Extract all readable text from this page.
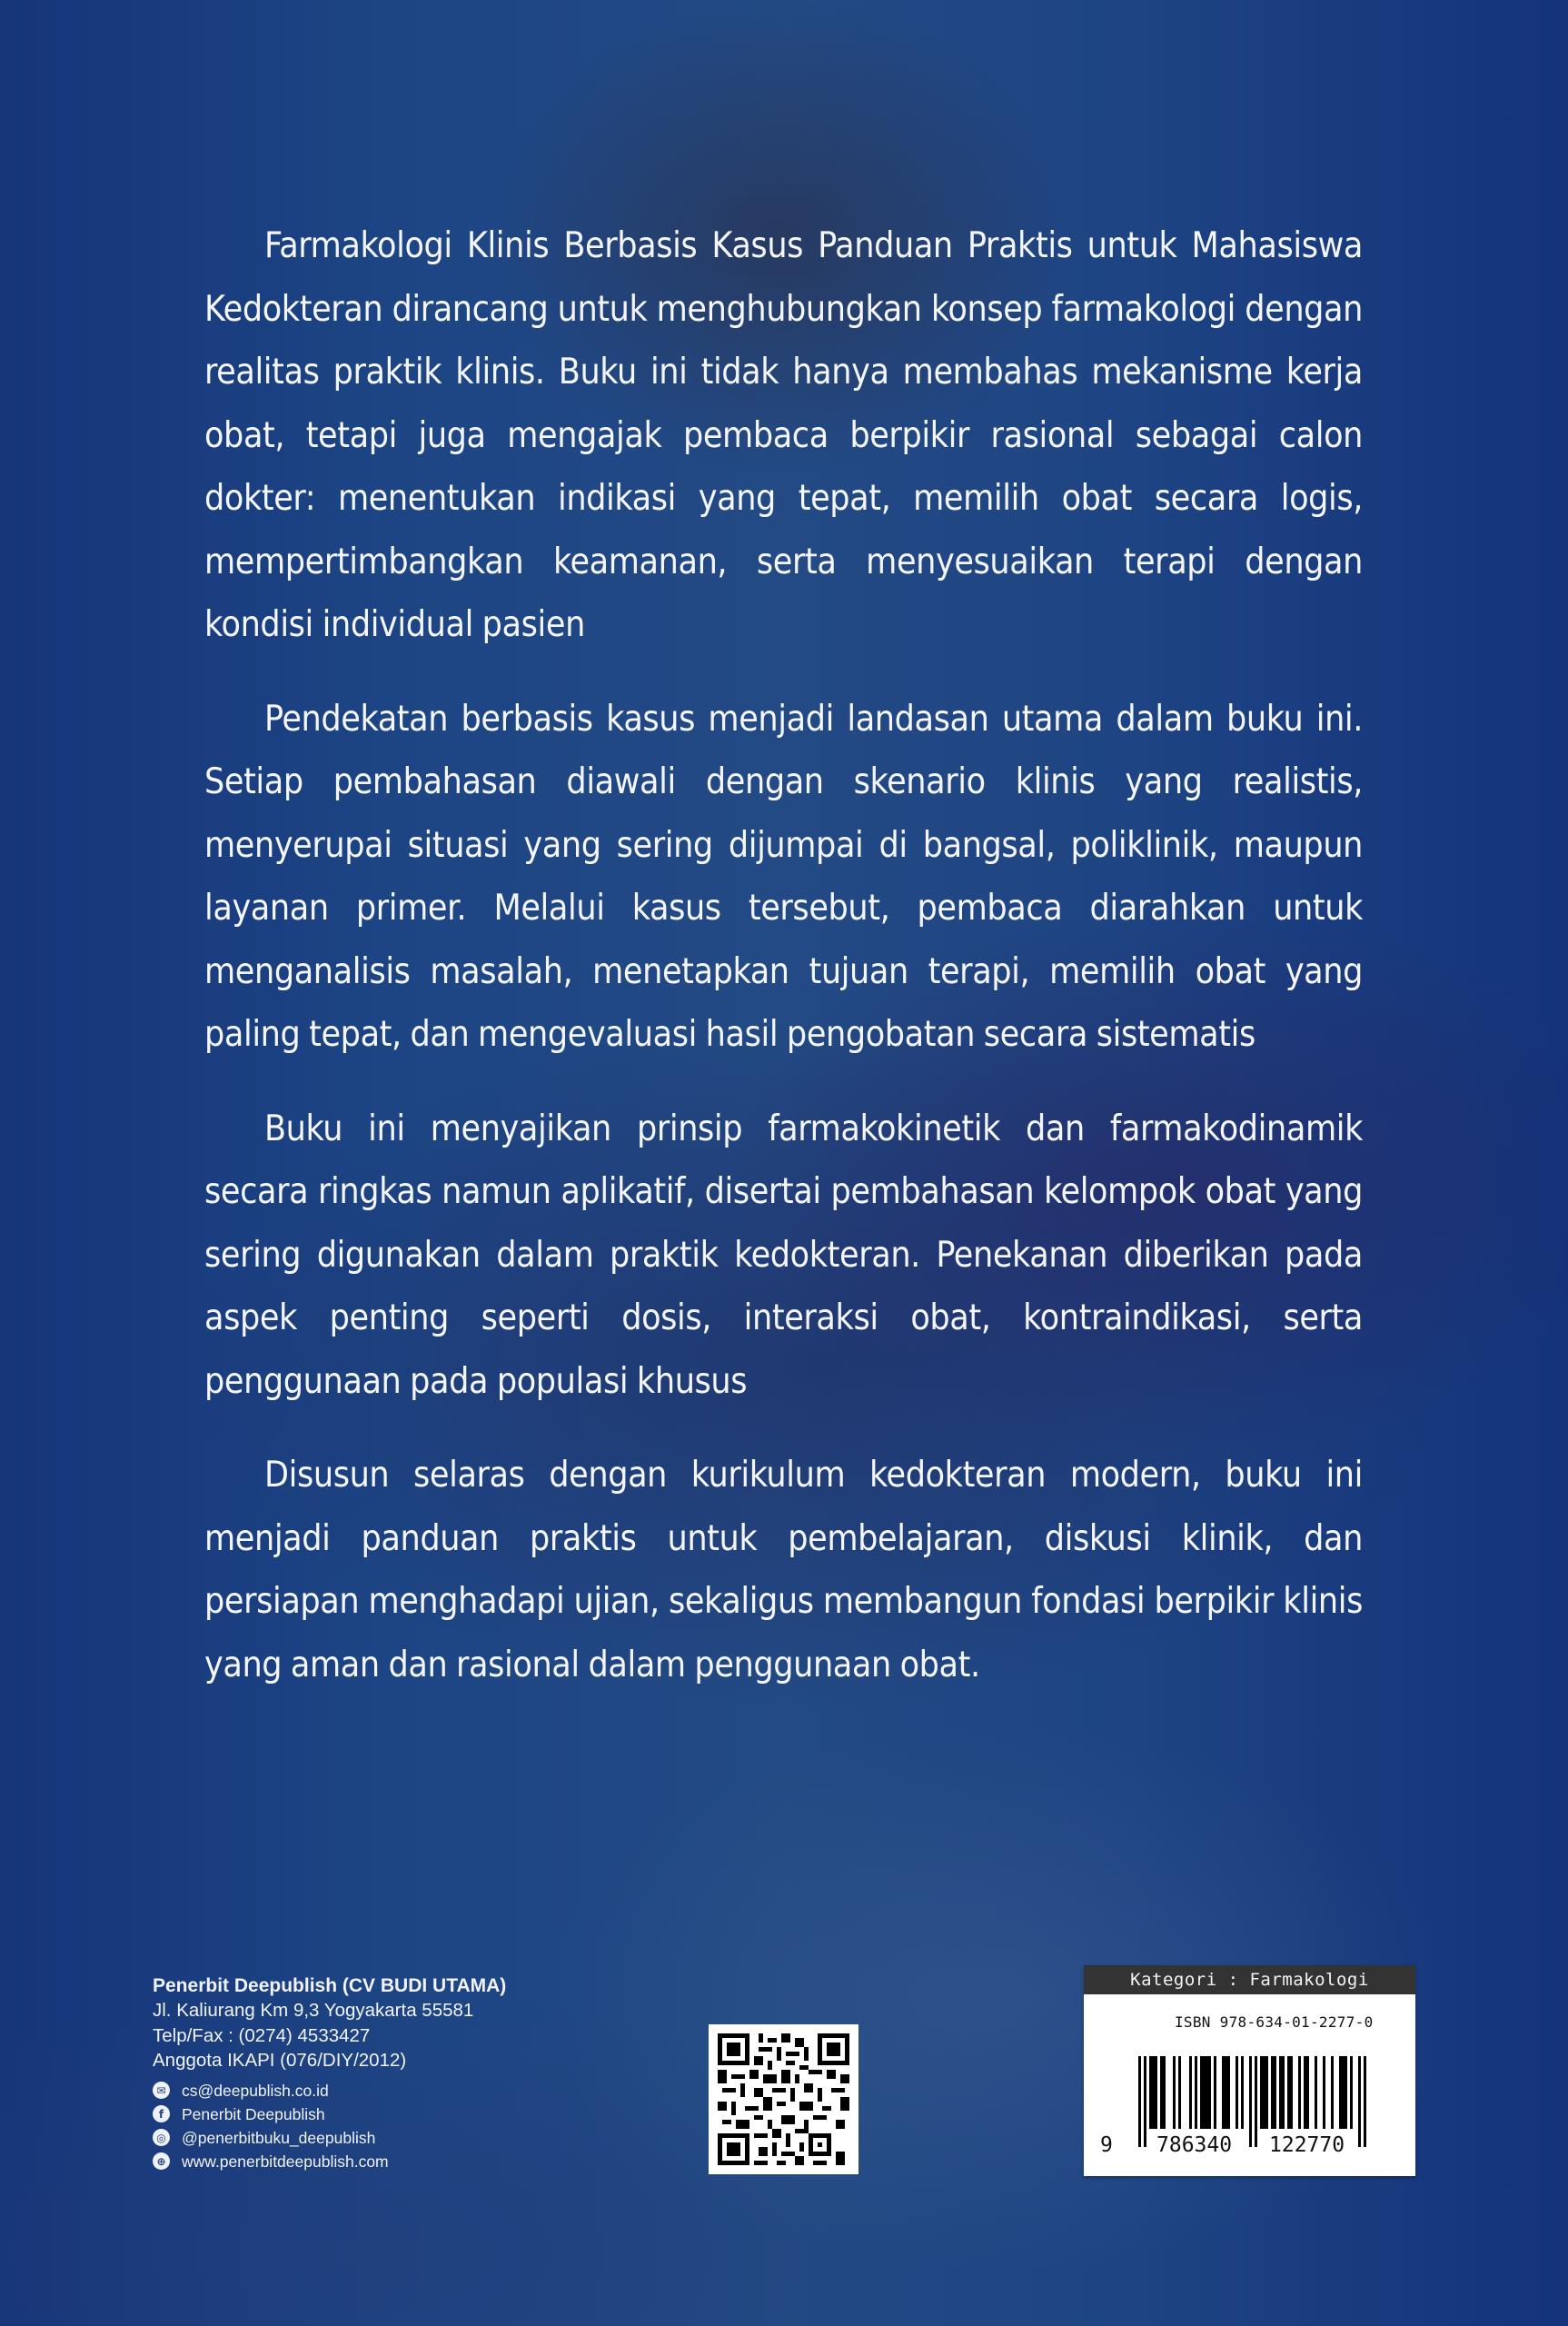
Farmakologi Klinis Berbasis Kasus Panduan Praktis untuk Mahasiswa Kedokteran dirancang untuk menghubungkan konsep farmakologi dengan realitas praktik klinis. Buku ini tidak hanya membahas mekanisme kerja obat, tetapi juga mengajak pembaca berpikir rasional sebagai calon dokter: menentukan indikasi yang tepat, memilih obat secara logis, mempertimbangkan keamanan, serta menyesuaikan terapi dengan kondisi individual pasien

Pendekatan berbasis kasus menjadi landasan utama dalam buku ini. Setiap pembahasan diawali dengan skenario klinis yang realistis, menyerupai situasi yang sering dijumpai di bangsal, poliklinik, maupun layanan primer. Melalui kasus tersebut, pembaca diarahkan untuk menganalisis masalah, menetapkan tujuan terapi, memilih obat yang paling tepat, dan mengevaluasi hasil pengobatan secara sistematis

Buku ini menyajikan prinsip farmakokinetik dan farmakodinamik secara ringkas namun aplikatif, disertai pembahasan kelompok obat yang sering digunakan dalam praktik kedokteran. Penekanan diberikan pada aspek penting seperti dosis, interaksi obat, kontraindikasi, serta penggunaan pada populasi khusus

Disusun selaras dengan kurikulum kedokteran modern, buku ini menjadi panduan praktis untuk pembelajaran, diskusi klinik, dan persiapan menghadapi ujian, sekaligus membangun fondasi berpikir klinis yang aman dan rasional dalam penggunaan obat.

Penerbit Deepublish (CV BUDI UTAMA)
Jl. Kaliurang Km 9,3 Yogyakarta 55581
Telp/Fax : (0274) 4533427
Anggota IKAPI (076/DIY/2012)
✉ cs@deepublish.co.id
f	Penerbit Deepublish
◎ @penerbitbuku_deepublish
⊕ www.penerbitdeepublish.com
Kategori : Farmakologi
ISBN 978-634-01-2277-0
9 786340 122770
